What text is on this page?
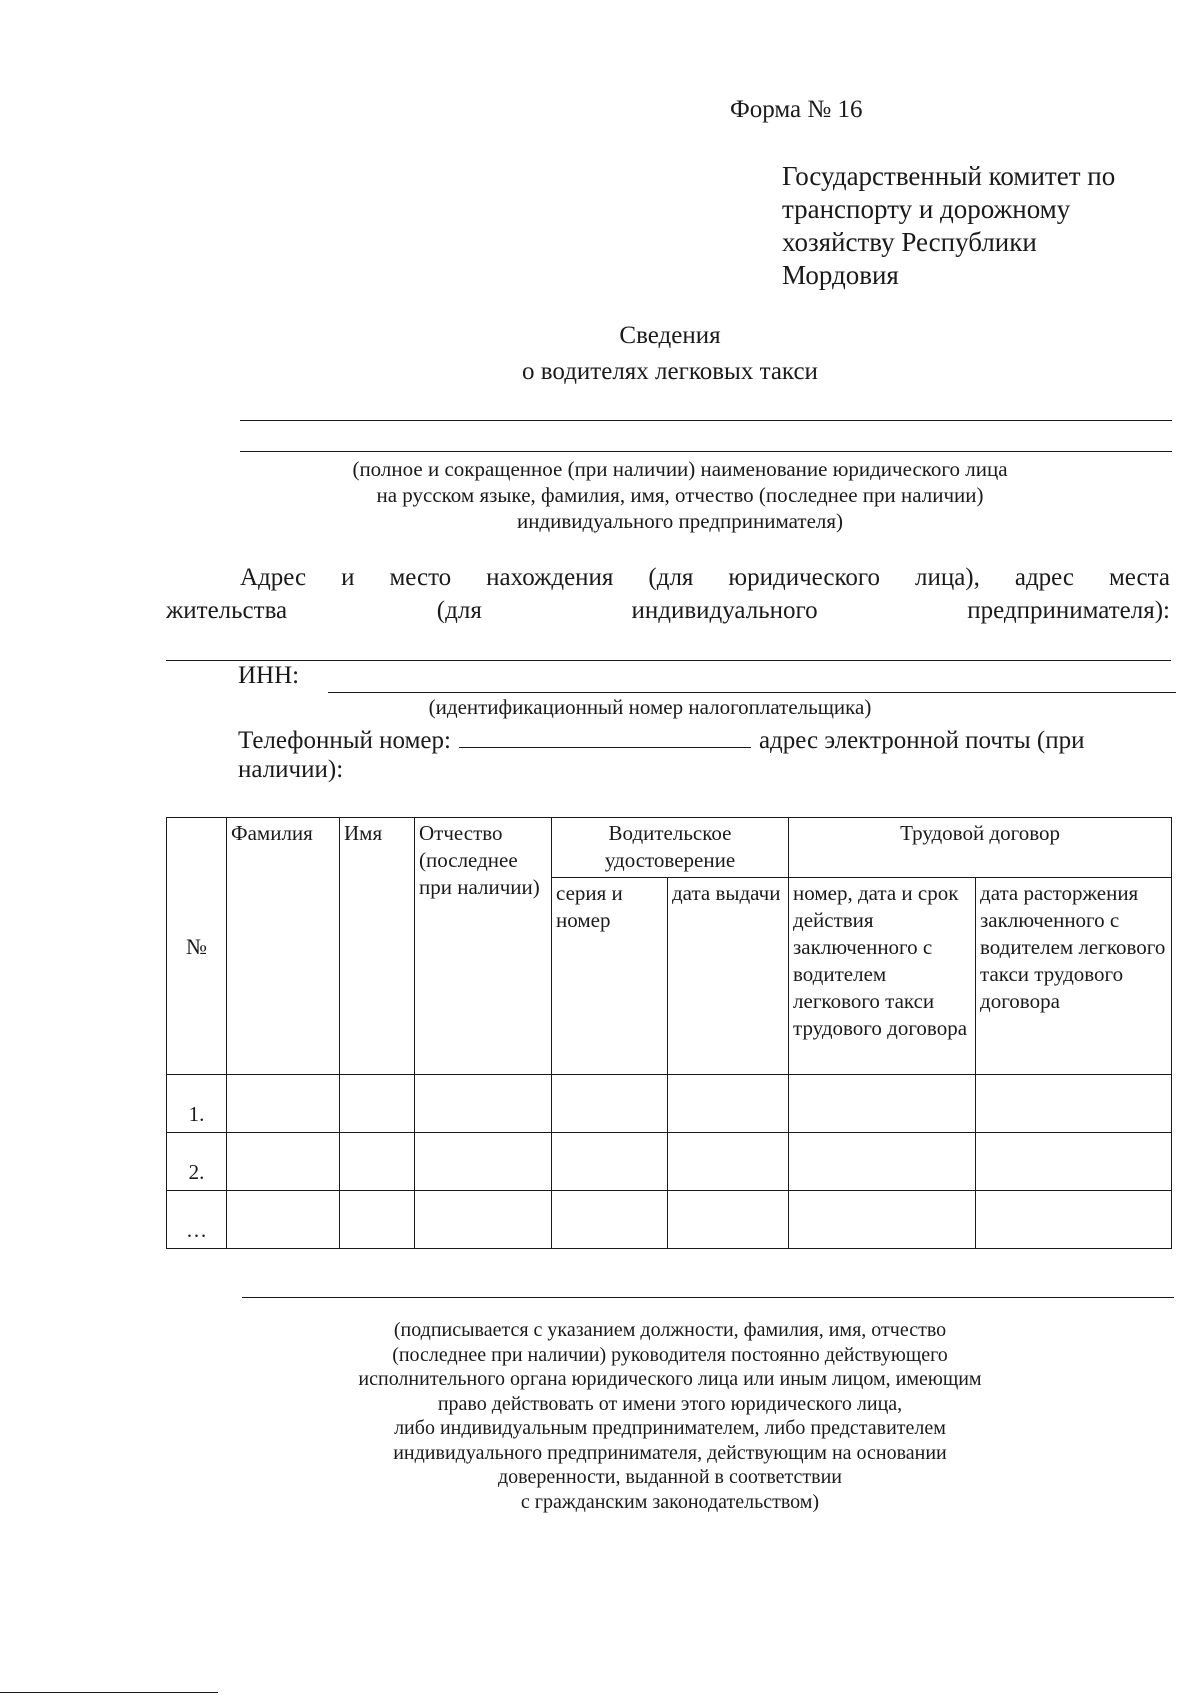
Форма № 16
Государственный комитет по
транспорту и дорожному
хозяйству Республики
Мордовия
Сведения
о водителях легковых такси
(полное и сокращенное (при наличии) наименование юридического лица
на русском языке, фамилия, имя, отчество (последнее при наличии)
индивидуального предпринимателя)
Адрес и место нахождения (для юридического лица), адрес места
жительства	(для	индивидуального	предпринимателя):
ИНН:
(идентификационный номер налогоплательщика)
Телефонный номер:	адрес электронной почты (при
наличии):
№	Фамилия	Имя	Отчество (последнее при наличии)	Водительское удостоверение		Трудовой договор	
				серия и номер	дата выдачи	номер, дата и срок действия заключенного с водителем легкового такси трудового договора	дата расторжения заключенного с водителем легкового такси трудового договора
1.							
2.							
…							
(подписывается с указанием должности, фамилия, имя, отчество
(последнее при наличии) руководителя постоянно действующего
исполнительного органа юридического лица или иным лицом, имеющим
право действовать от имени этого юридического лица,
либо индивидуальным предпринимателем, либо представителем
индивидуального предпринимателя, действующим на основании
доверенности, выданной в соответствии
с гражданским законодательством)
